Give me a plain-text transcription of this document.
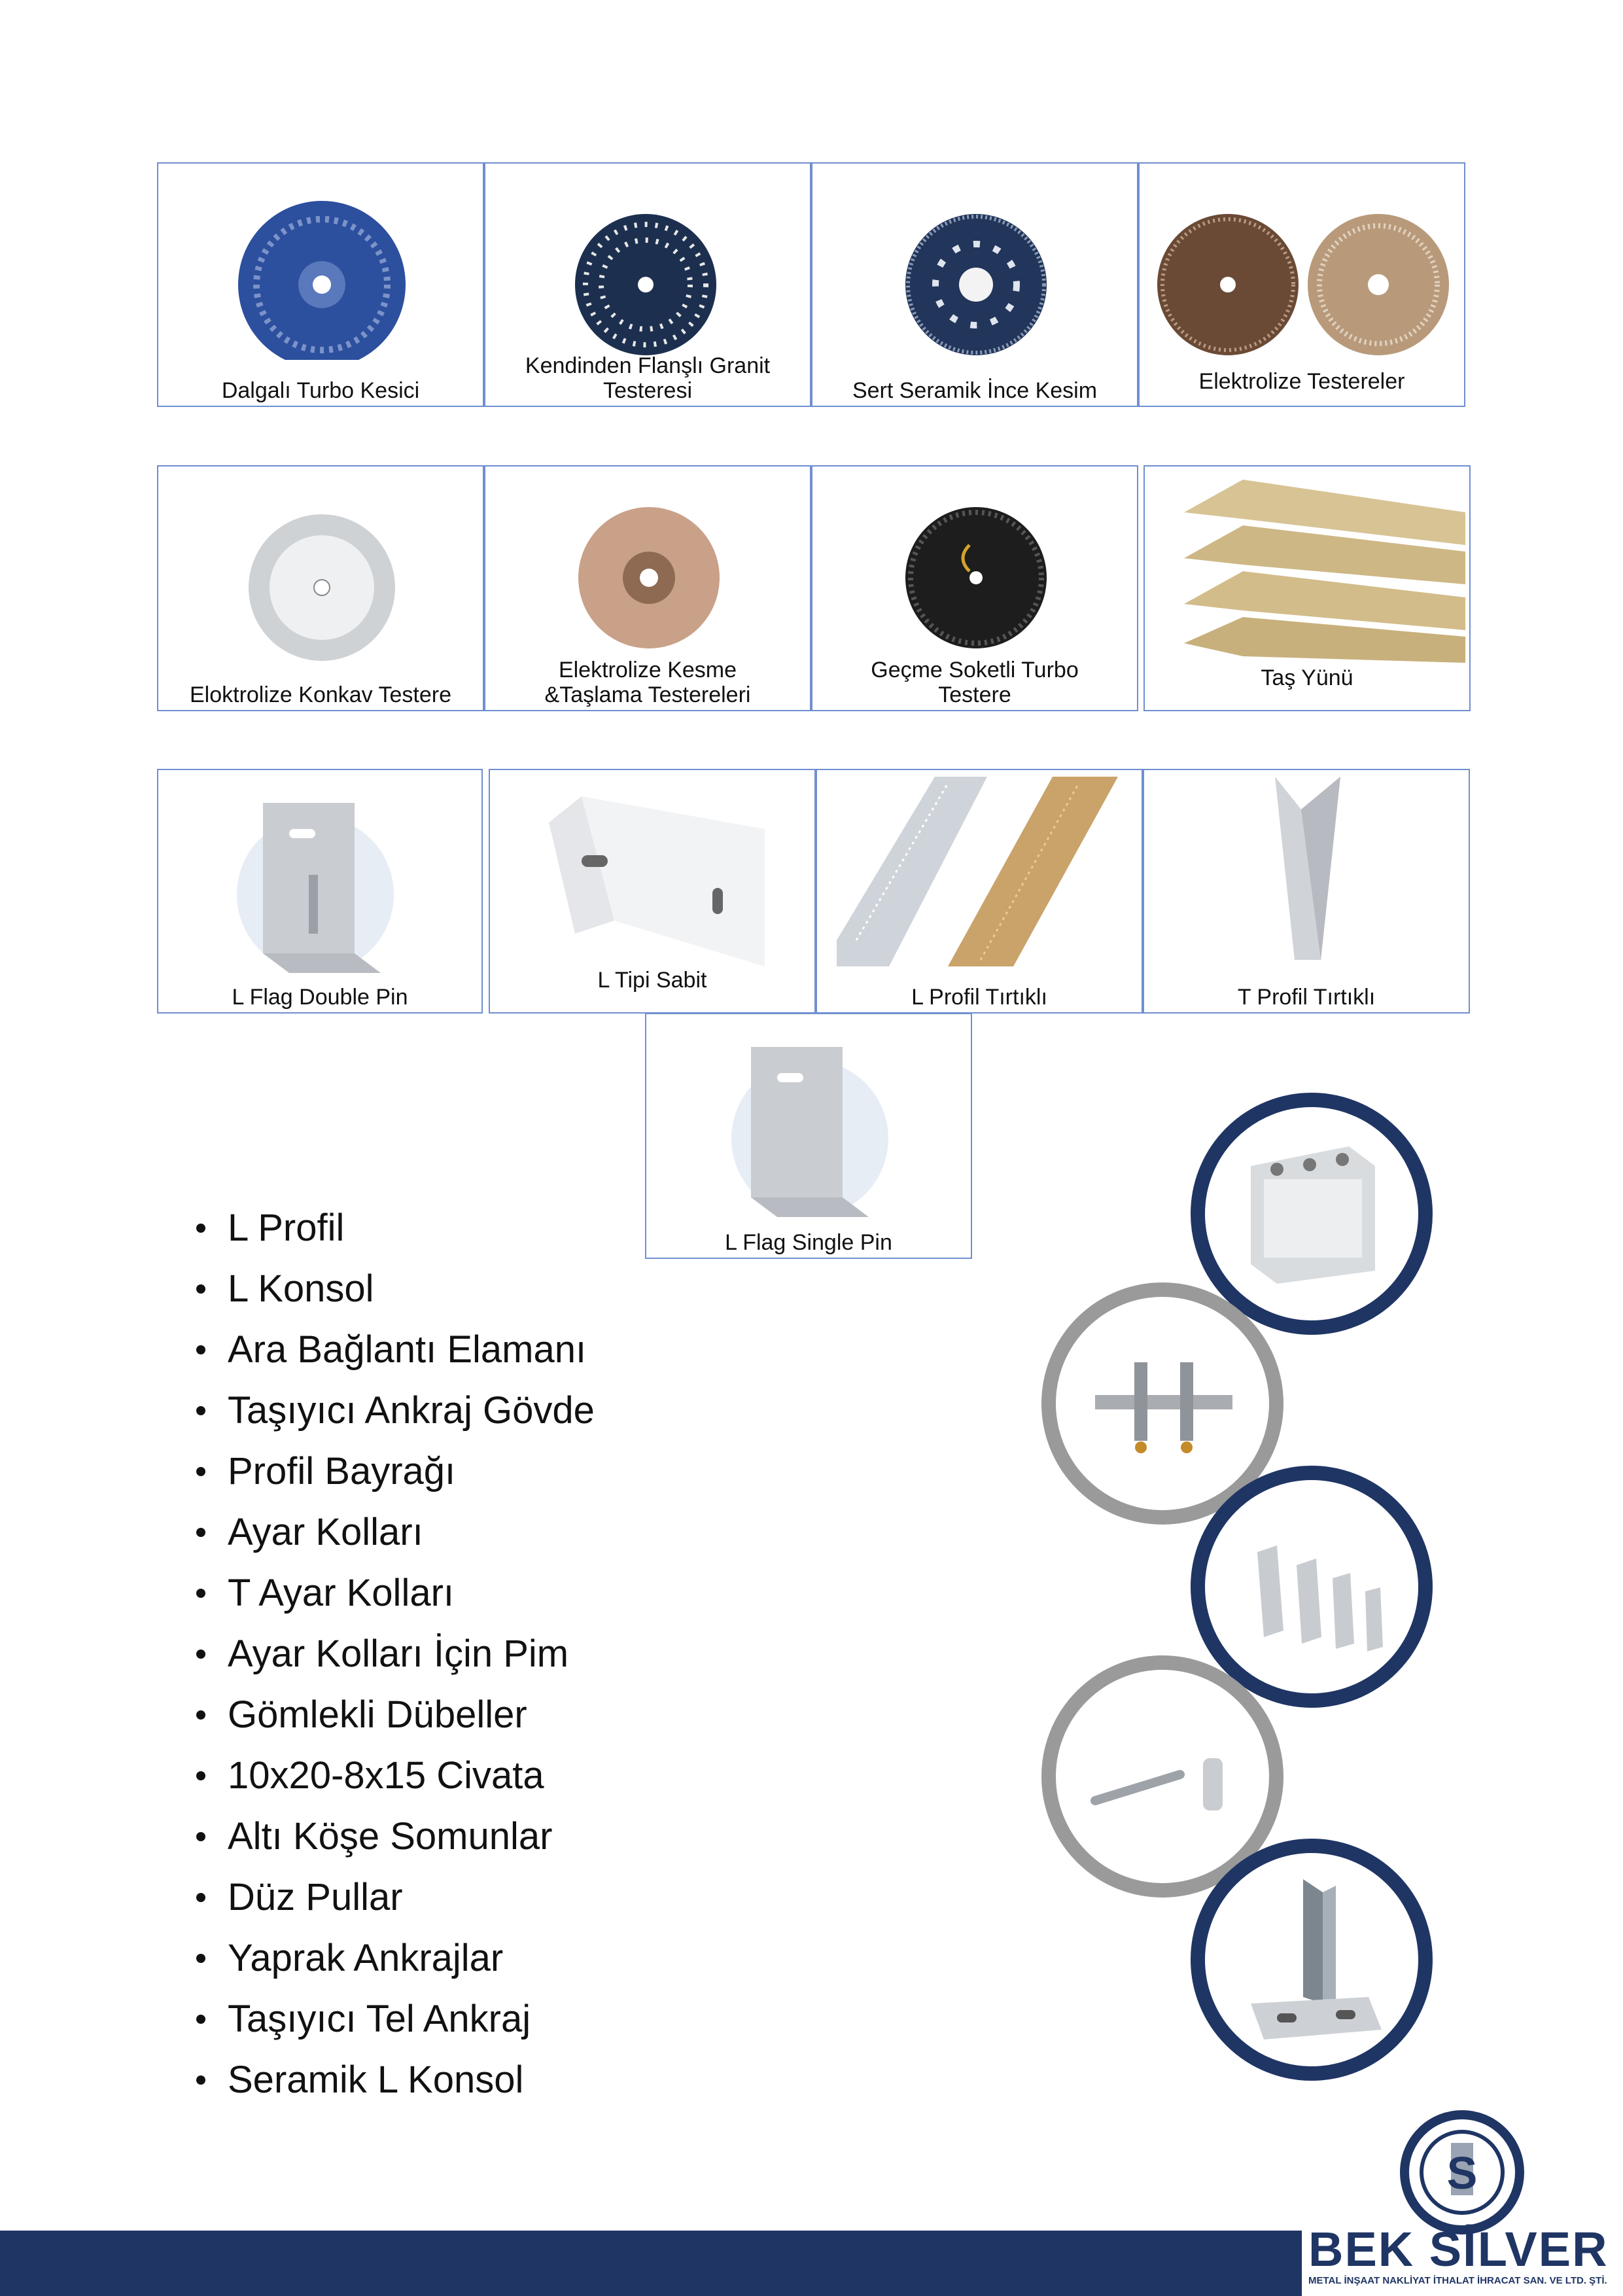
Dalgalı Turbo Kesici
Kendinden Flanşlı Granit
Testeresi	Sert Seramik İnce Kesim	Elektrolize Testereler
Eloktrolize Konkav Testere
Elektrolize Kesme
&Taşlama Testereleri
Geçme Soketli Turbo
Testere
Taş Yünü
L Flag Double Pin
L Tipi Sabit
L Profil Tırtıklı	T Profil Tırtıklı
L Flag Single Pin
L Profil
L Konsol
Ara Bağlantı Elamanı
Taşıyıcı Ankraj Gövde
Profil Bayrağı
Ayar Kolları
T Ayar Kolları
Ayar Kolları İçin Pim
Gömlekli Dübeller
10x20-8x15 Civata
Altı Köşe Somunlar
Düz Pullar
Yaprak Ankrajlar
Taşıyıcı Tel Ankraj
Seramik L Konsol
S
BEK SİLVER
METAL İNŞAAT NAKLİYAT İTHALAT İHRACAT SAN. VE LTD. ŞTİ.
